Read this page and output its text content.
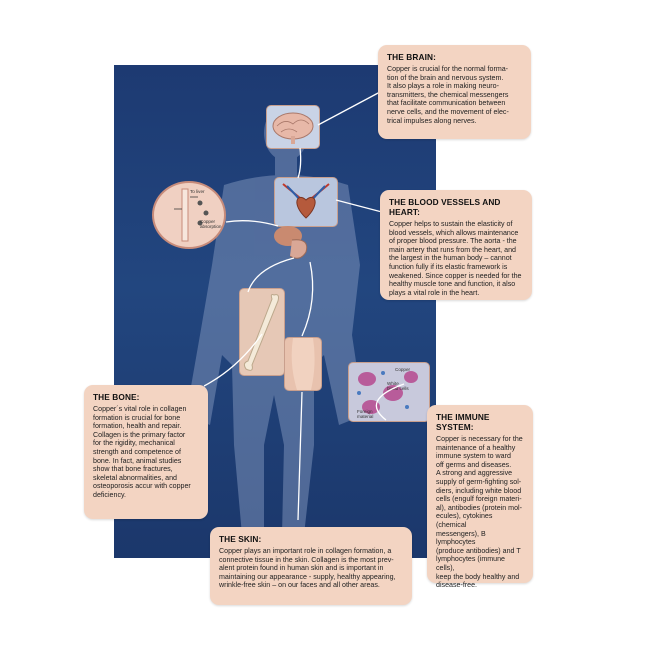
To liver
Copper
absorption
Copper
White
blood cells
Foreign
material
THE BRAIN:

Copper is crucial for the normal forma-
tion of the brain and nervous system.
It also plays a role in making neuro-
transmitters, the chemical messengers
that facilitate communication between
nerve cells, and the movement of elec-
trical impulses along nerves.

THE BLOOD VESSELS AND HEART:

Copper helps to sustain the elasticity of
blood vessels, which allows maintenance
of proper blood pressure. The aorta - the
main artery that runs from the heart, and
the largest in the human body – cannot
function fully if its elastic framework is
weakened. Since copper is needed for the
healthy muscle tone and function, it also
plays a vital role in the heart.

THE BONE:

Copper´s vital role in collagen
formation is crucial for bone
formation, health and repair.
Collagen is the primary factor
for the rigidity, mechanical
strength and competence of
bone. In fact, animal studies
show that bone fractures,
skeletal abnormalities, and
osteoporosis accur with copper
deficiency.

THE IMMUNE SYSTEM:

Copper is necessary for the
maintenance of a healthy
immune system to ward
off germs and diseases.
A strong and aggressive
supply of germ-fighting sol-
diers, including white blood
cells (engulf foreign materi-
al), antibodies (protein mol-
ecules), cytokines (chemical
messengers), B lymphocytes
(produce antibodies) and T
lymphocytes (immune cells),
keep the body healthy and
disease-free.

THE SKIN:

Copper plays an important role in collagen formation, a
connective tissue in the skin. Collagen is the most prev-
alent protein found in human skin and is important in
maintaining our appearance - supply, healthy appearing,
wrinkle-free skin – on our faces and all other areas.
